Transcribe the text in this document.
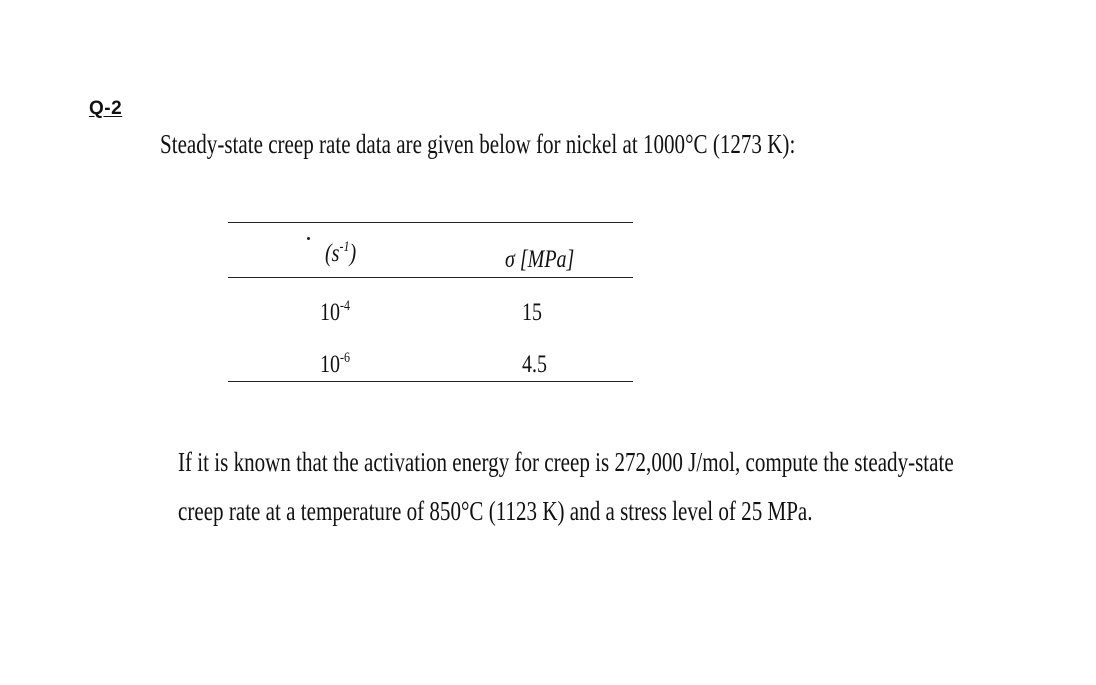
Q-2
Steady-state creep rate data are given below for nickel at 1000°C (1273 K):
$(s^{-1})$	σ [MPa]
$10^{-4}$	15
$10^{-6}$	4.5
If it is known that the activation energy for creep is 272,000 J/mol, compute the steady-state
creep rate at a temperature of 850°C (1123 K) and a stress level of 25 MPa.
